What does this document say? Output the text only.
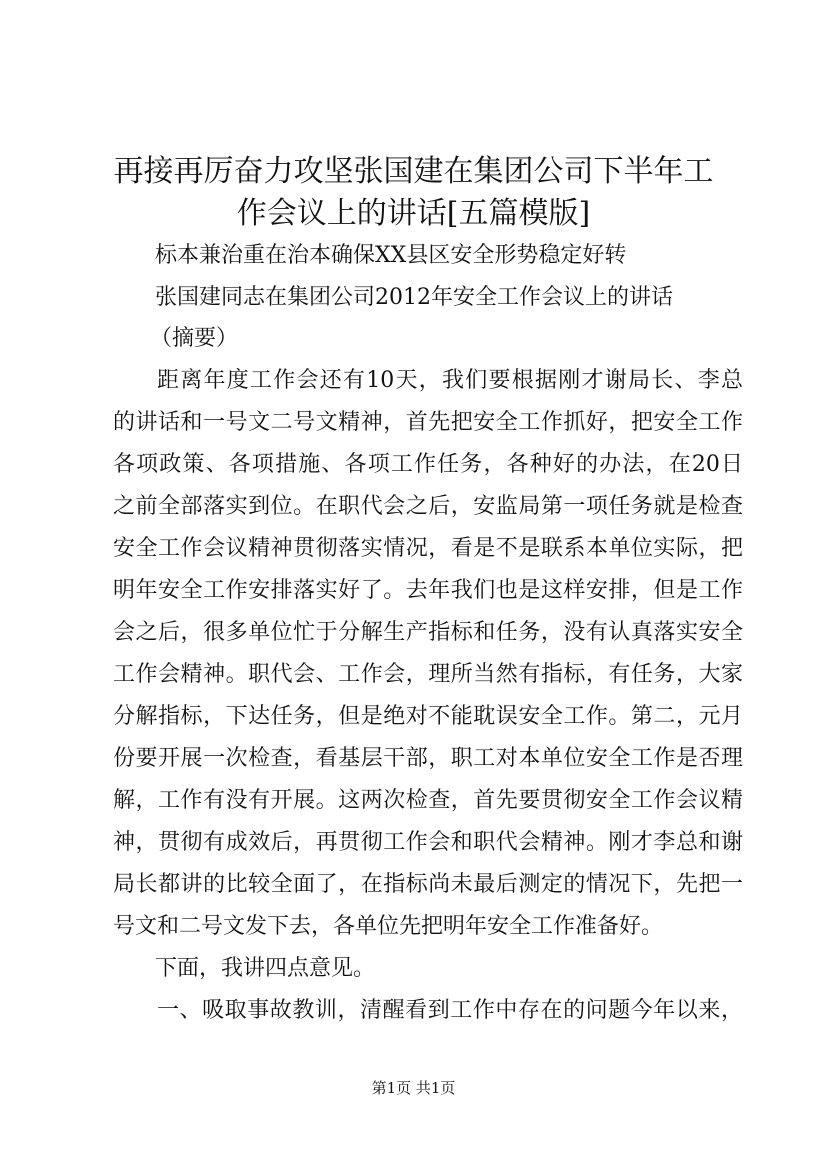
再接再厉奋力攻坚张国建在集团公司下半年工
作会议上的讲话[五篇模版]
标本兼治重在治本确保XX县区安全形势稳定好转
张国建同志在集团公司2012年安全工作会议上的讲话
（摘要）
距离年度工作会还有10天，我们要根据刚才谢局长、李总
的讲话和一号文二号文精神，首先把安全工作抓好，把安全工作
各项政策、各项措施、各项工作任务，各种好的办法，在20日
之前全部落实到位。在职代会之后，安监局第一项任务就是检查
安全工作会议精神贯彻落实情况，看是不是联系本单位实际，把
明年安全工作安排落实好了。去年我们也是这样安排，但是工作
会之后，很多单位忙于分解生产指标和任务，没有认真落实安全
工作会精神。职代会、工作会，理所当然有指标，有任务，大家
分解指标，下达任务，但是绝对不能耽误安全工作。第二，元月
份要开展一次检查，看基层干部，职工对本单位安全工作是否理
解，工作有没有开展。这两次检查，首先要贯彻安全工作会议精
神，贯彻有成效后，再贯彻工作会和职代会精神。刚才李总和谢
局长都讲的比较全面了，在指标尚未最后测定的情况下，先把一
号文和二号文发下去，各单位先把明年安全工作准备好。
下面，我讲四点意见。
一、吸取事故教训，清醒看到工作中存在的问题今年以来，
第1页 共1页
